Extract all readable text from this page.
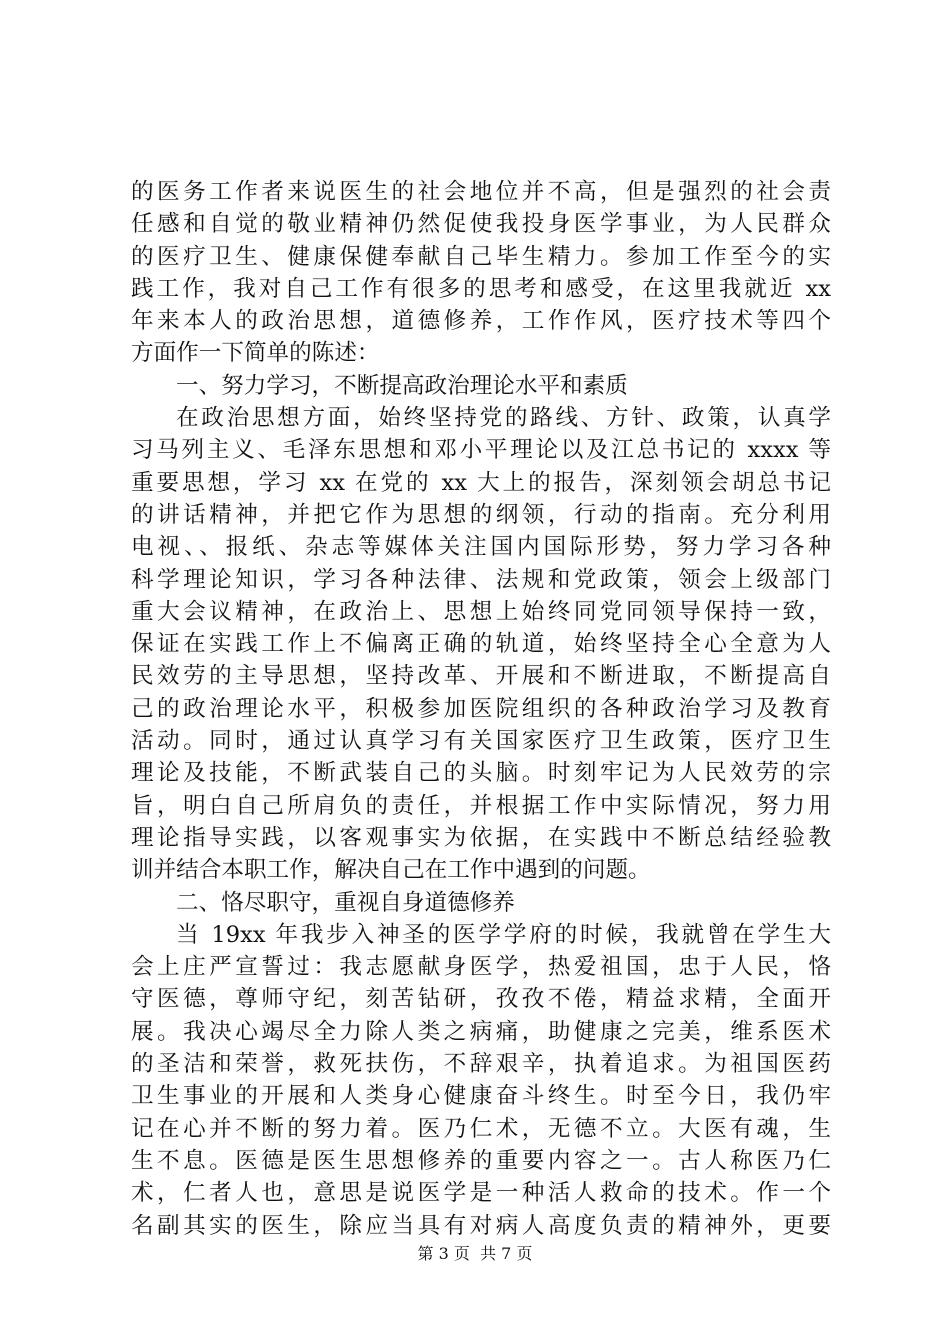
的医务工作者来说医生的社会地位并不高，但是强烈的社会责
任感和自觉的敬业精神仍然促使我投身医学事业，为人民群众
的医疗卫生、健康保健奉献自己毕生精力。参加工作至今的实
践工作，我对自己工作有很多的思考和感受，在这里我就近 xx
年来本人的政治思想，道德修养，工作作风，医疗技术等四个
方面作一下简单的陈述：
一、努力学习，不断提高政治理论水平和素质
在政治思想方面，始终坚持党的路线、方针、政策，认真学
习马列主义、毛泽东思想和邓小平理论以及江总书记的 xxxx 等
重要思想，学习 xx 在党的 xx 大上的报告，深刻领会胡总书记
的讲话精神，并把它作为思想的纲领，行动的指南。充分利用
电视、、报纸、杂志等媒体关注国内国际形势，努力学习各种
科学理论知识，学习各种法律、法规和党政策，领会上级部门
重大会议精神，在政治上、思想上始终同党同领导保持一致，
保证在实践工作上不偏离正确的轨道，始终坚持全心全意为人
民效劳的主导思想，坚持改革、开展和不断进取，不断提高自
己的政治理论水平，积极参加医院组织的各种政治学习及教育
活动。同时，通过认真学习有关国家医疗卫生政策，医疗卫生
理论及技能，不断武装自己的头脑。时刻牢记为人民效劳的宗
旨，明白自己所肩负的责任，并根据工作中实际情况，努力用
理论指导实践，以客观事实为依据，在实践中不断总结经验教
训并结合本职工作，解决自己在工作中遇到的问题。
二、恪尽职守，重视自身道德修养
当 19xx 年我步入神圣的医学学府的时候，我就曾在学生大
会上庄严宣誓过：我志愿献身医学，热爱祖国，忠于人民，恪
守医德，尊师守纪，刻苦钻研，孜孜不倦，精益求精，全面开
展。我决心竭尽全力除人类之病痛，助健康之完美，维系医术
的圣洁和荣誉，救死扶伤，不辞艰辛，执着追求。为祖国医药
卫生事业的开展和人类身心健康奋斗终生。时至今日，我仍牢
记在心并不断的努力着。医乃仁术，无德不立。大医有魂，生
生不息。医德是医生思想修养的重要内容之一。古人称医乃仁
术，仁者人也，意思是说医学是一种活人救命的技术。作一个
名副其实的医生，除应当具有对病人高度负责的精神外，更要
第 3 页  共 7 页
